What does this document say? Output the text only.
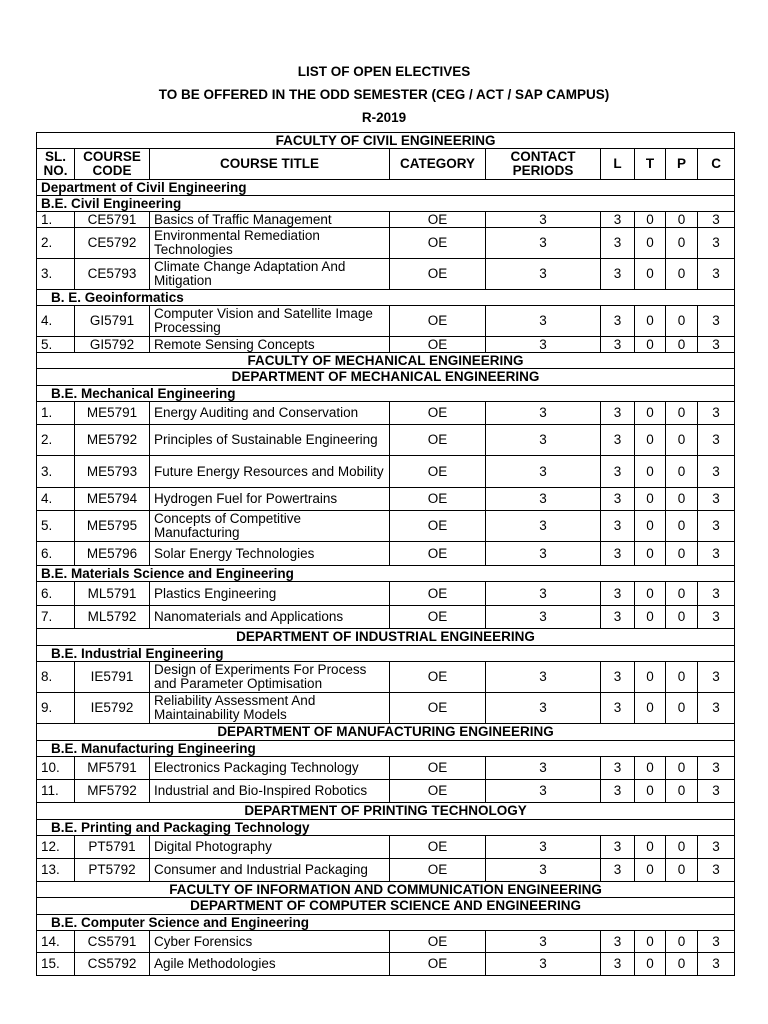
LIST OF OPEN ELECTIVES
TO BE OFFERED IN THE ODD SEMESTER (CEG / ACT / SAP CAMPUS)
R-2019
FACULTY OF CIVIL ENGINEERING								
SL. NO.	COURSE CODE	COURSE TITLE	CATEGORY	CONTACT PERIODS	L	T	P	C
Department of Civil Engineering								
B.E. Civil Engineering								
1.	CE5791	Basics of Traffic Management	OE	3	3	0	0	3
2.	CE5792	Environmental Remediation Technologies	OE	3	3	0	0	3
3.	CE5793	Climate Change Adaptation And Mitigation	OE	3	3	0	0	3
B. E. Geoinformatics								
4.	GI5791	Computer Vision and Satellite Image Processing	OE	3	3	0	0	3
5.	GI5792	Remote Sensing Concepts	OE	3	3	0	0	3
FACULTY OF MECHANICAL ENGINEERING								
DEPARTMENT OF MECHANICAL ENGINEERING								
B.E. Mechanical Engineering								
1.	ME5791	Energy Auditing and Conservation	OE	3	3	0	0	3
2.	ME5792	Principles of Sustainable Engineering	OE	3	3	0	0	3
3.	ME5793	Future Energy Resources and Mobility	OE	3	3	0	0	3
4.	ME5794	Hydrogen Fuel for Powertrains	OE	3	3	0	0	3
5.	ME5795	Concepts of Competitive Manufacturing	OE	3	3	0	0	3
6.	ME5796	Solar Energy Technologies	OE	3	3	0	0	3
B.E. Materials Science and Engineering								
6.	ML5791	Plastics Engineering	OE	3	3	0	0	3
7.	ML5792	Nanomaterials and Applications	OE	3	3	0	0	3
DEPARTMENT OF INDUSTRIAL ENGINEERING								
B.E. Industrial Engineering								
8.	IE5791	Design of Experiments For Process and Parameter Optimisation	OE	3	3	0	0	3
9.	IE5792	Reliability Assessment And Maintainability Models	OE	3	3	0	0	3
DEPARTMENT OF MANUFACTURING ENGINEERING								
B.E. Manufacturing Engineering								
10.	MF5791	Electronics Packaging Technology	OE	3	3	0	0	3
11.	MF5792	Industrial and Bio-Inspired Robotics	OE	3	3	0	0	3
DEPARTMENT OF PRINTING TECHNOLOGY								
B.E. Printing and Packaging Technology								
12.	PT5791	Digital Photography	OE	3	3	0	0	3
13.	PT5792	Consumer and Industrial Packaging	OE	3	3	0	0	3
FACULTY OF INFORMATION AND COMMUNICATION ENGINEERING								
DEPARTMENT OF COMPUTER SCIENCE AND ENGINEERING								
B.E. Computer Science and Engineering								
14.	CS5791	Cyber Forensics	OE	3	3	0	0	3
15.	CS5792	Agile Methodologies	OE	3	3	0	0	3
